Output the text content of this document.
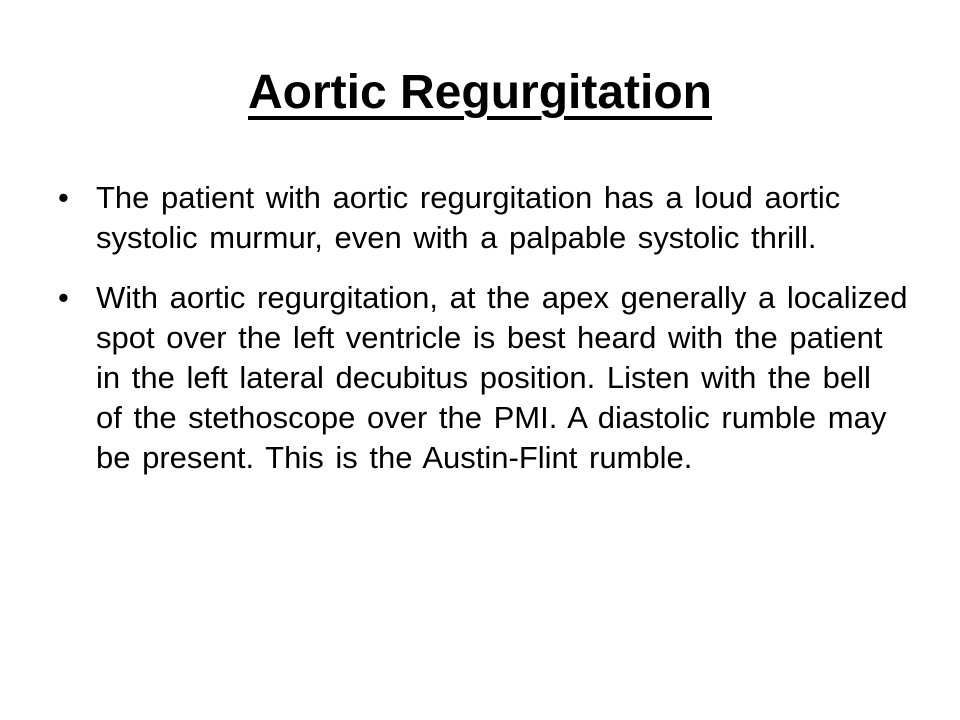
Aortic Regurgitation
• The patient with aortic regurgitation has a loud aortic systolic murmur, even with a palpable systolic thrill.
• With aortic regurgitation, at the apex generally a localized spot over the left ventricle is best heard with the patient in the left lateral decubitus position. Listen with the bell of the stethoscope over the PMI. A diastolic rumble may be present. This is the Austin-Flint rumble.
